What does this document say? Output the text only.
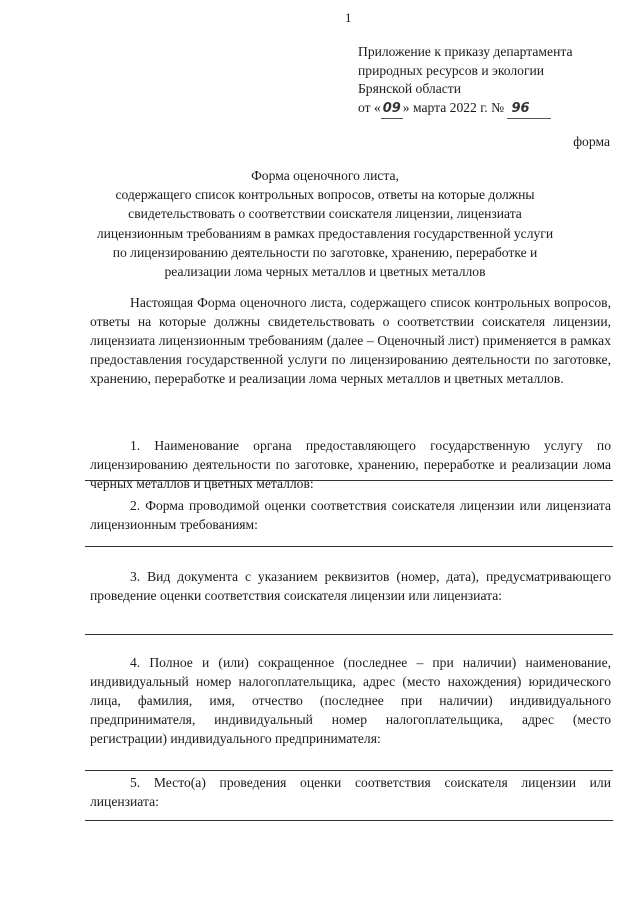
1
Приложение к приказу департамента
природных ресурсов и экологии
Брянской области
от « 09 » марта 2022 г. № 96
форма
Форма оценочного листа,
содержащего список контрольных вопросов, ответы на которые должны
свидетельствовать о соответствии соискателя лицензии, лицензиата
лицензионным требованиям в рамках предоставления государственной услуги
по лицензированию деятельности по заготовке, хранению, переработке и
реализации лома черных металлов и цветных металлов
Настоящая Форма оценочного листа, содержащего список контрольных вопросов, ответы на которые должны свидетельствовать о соответствии соискателя лицензии, лицензиата лицензионным требованиям (далее – Оценочный лист) применяется в рамках предоставления государственной услуги по лицензированию деятельности по заготовке, хранению, переработке и реализации лома черных металлов и цветных металлов.
1. Наименование органа предоставляющего государственную услугу по лицензированию деятельности по заготовке, хранению, переработке и реализации лома черных металлов и цветных металлов:
2. Форма проводимой оценки соответствия соискателя лицензии или лицензиата лицензионным требованиям:
3. Вид документа с указанием реквизитов (номер, дата), предусматривающего проведение оценки соответствия соискателя лицензии или лицензиата:
4. Полное и (или) сокращенное (последнее – при наличии) наименование, индивидуальный номер налогоплательщика, адрес (место нахождения) юридического лица, фамилия, имя, отчество (последнее при наличии) индивидуального предпринимателя, индивидуальный номер налогоплательщика, адрес (место регистрации) индивидуального предпринимателя:
5. Место(а) проведения оценки соответствия соискателя лицензии или лицензиата:
